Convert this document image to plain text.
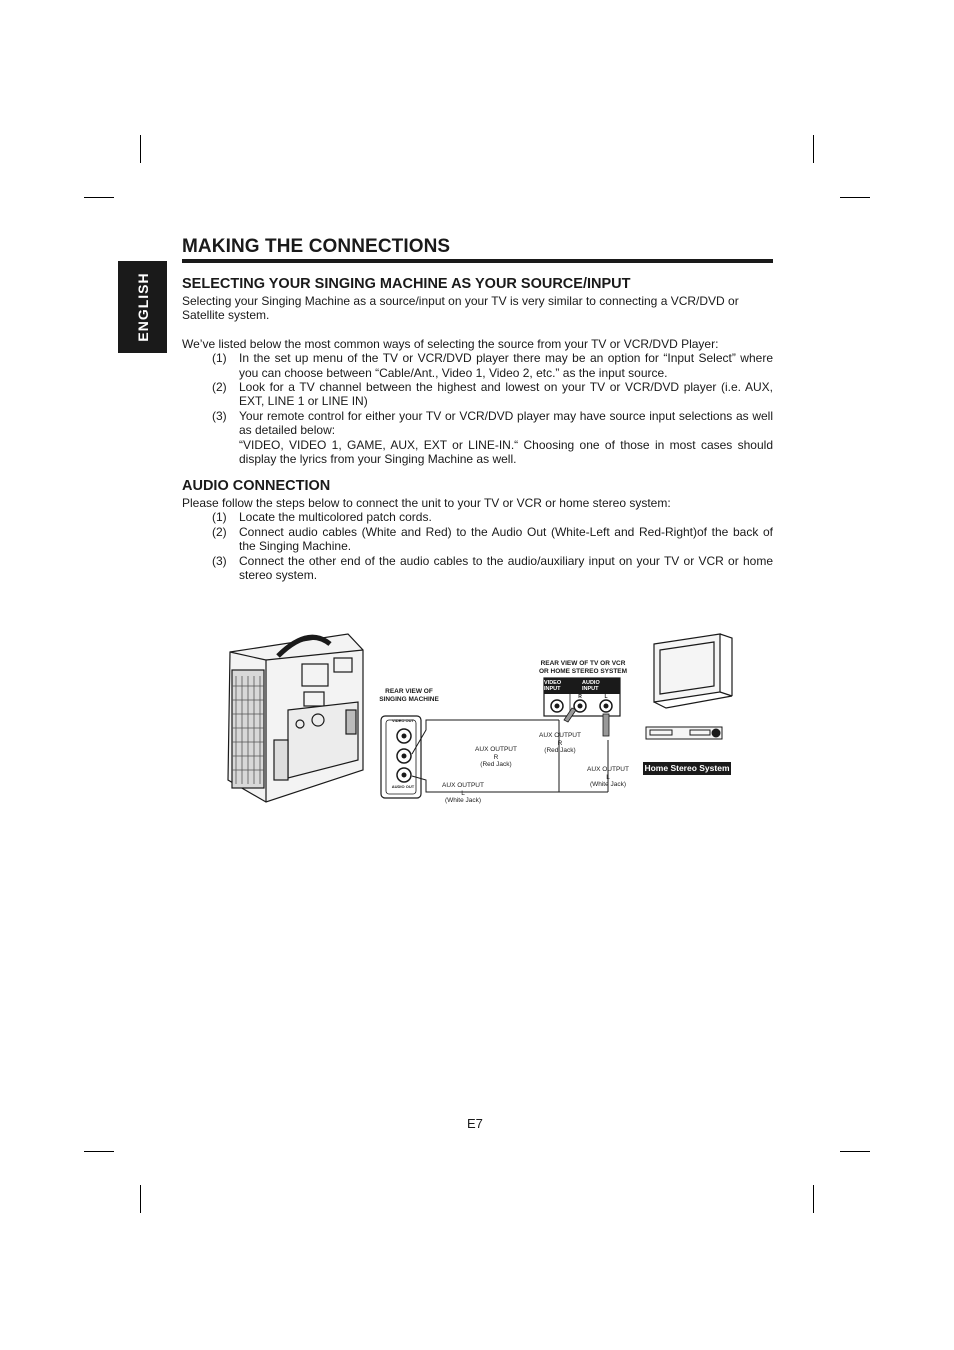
MAKING THE CONNECTIONS
ENGLISH SELECTING YOUR SINGING MACHINE AS YOUR SOURCE/INPUT

Selecting your Singing Machine as a source/input on your TV is very similar to connecting a VCR/DVD or Satellite system.

We’ve listed below the most common ways of selecting the source from your TV or VCR/DVD Player:

(1) In the set up menu of the TV or VCR/DVD player there may be an option for “Input Select” where you can choose between “Cable/Ant., Video 1, Video 2, etc.” as the input source.
(2) Look for a TV channel between the highest and lowest on your TV or VCR/DVD player (i.e. AUX, EXT, LINE 1 or LINE IN)
(3) Your remote control for either your TV or VCR/DVD player may have source input selections as well as detailed below:

“VIDEO, VIDEO 1, GAME, AUX, EXT or LINE-IN.“ Choosing one of those in most cases should display the lyrics from your Singing Machine as well.

AUDIO CONNECTION

Please follow the steps below to connect the unit to your TV or VCR or home stereo system:

(1) Locate the multicolored patch cords.
(2) Connect audio cables (White and Red) to the Audio Out (White-Left and Red-Right)of the back of the Singing Machine.
(3) Connect the other end of the audio cables to the audio/auxiliary input on your TV or VCR or home stereo system.
REAR VIEW OF
SINGING MACHINE
REAR VIEW OF TV OR VCR
OR HOME STEREO SYSTEM
VIDEO
INPUT
AUDIO
INPUT
R	L
VIDEO OUT
AUDIO OUT
AUX OUTPUT
R
(Red Jack)
AUX OUTPUT
L
(White Jack)
AUX OUTPUT
R
(Red Jack)
AUX OUTPUT
L
(White Jack)
Home Stereo System
E7
